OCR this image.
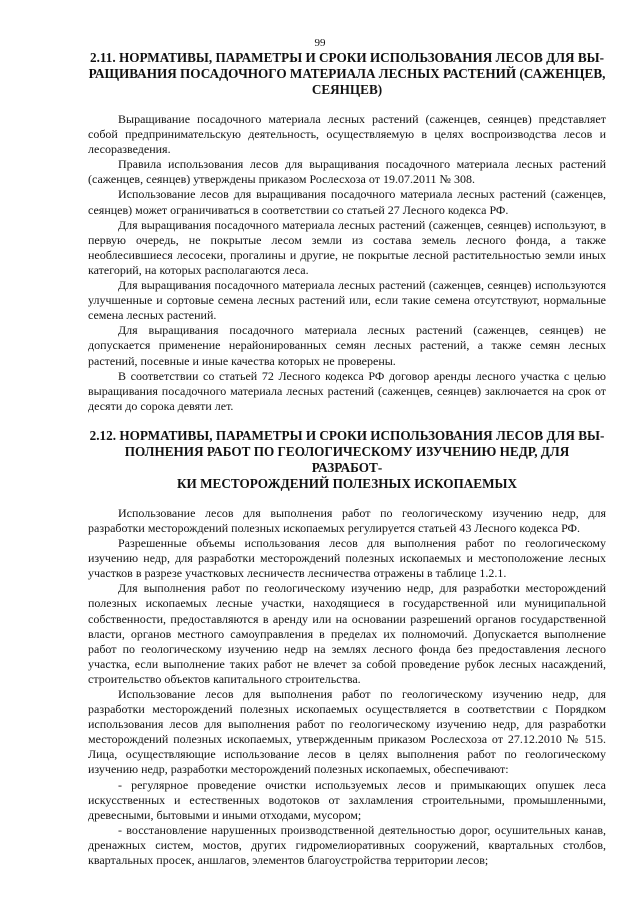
99
2.11. НОРМАТИВЫ, ПАРАМЕТРЫ И СРОКИ ИСПОЛЬЗОВАНИЯ ЛЕСОВ ДЛЯ ВЫ-
РАЩИВАНИЯ ПОСАДОЧНОГО МАТЕРИАЛА ЛЕСНЫХ РАСТЕНИЙ (САЖЕНЦЕВ,
СЕЯНЦЕВ)

Выращивание посадочного материала лесных растений (саженцев, сеянцев) представляет собой предпринимательскую деятельность, осуществляемую в целях воспроизводства лесов и лесоразведения.

Правила использования лесов для выращивания посадочного материала лесных растений (саженцев, сеянцев) утверждены приказом Рослесхоза от 19.07.2011 № 308.

Использование лесов для выращивания посадочного материала лесных растений (саженцев, сеянцев) может ограничиваться в соответствии со статьей 27 Лесного кодекса РФ.

Для выращивания посадочного материала лесных растений (саженцев, сеянцев) используют, в первую очередь, не покрытые лесом земли из состава земель лесного фонда, а также необлесившиеся лесосеки, прогалины и другие, не покрытые лесной растительностью земли иных категорий, на которых располагаются леса.

Для выращивания посадочного материала лесных растений (саженцев, сеянцев) используются улучшенные и сортовые семена лесных растений или, если такие семена отсутствуют, нормальные семена лесных растений.

Для выращивания посадочного материала лесных растений (саженцев, сеянцев) не допускается применение нерайонированных семян лесных растений, а также семян лесных растений, посевные и иные качества которых не проверены.

В соответствии со статьей 72 Лесного кодекса РФ договор аренды лесного участка с целью выращивания посадочного материала лесных растений (саженцев, сеянцев) заключается на срок от десяти до сорока девяти лет.

2.12. НОРМАТИВЫ, ПАРАМЕТРЫ И СРОКИ ИСПОЛЬЗОВАНИЯ ЛЕСОВ ДЛЯ ВЫ-
ПОЛНЕНИЯ РАБОТ ПО ГЕОЛОГИЧЕСКОМУ ИЗУЧЕНИЮ НЕДР, ДЛЯ РАЗРАБОТ-
КИ МЕСТОРОЖДЕНИЙ ПОЛЕЗНЫХ ИСКОПАЕМЫХ

Использование лесов для выполнения работ по геологическому изучению недр, для разработки месторождений полезных ископаемых регулируется статьей 43 Лесного кодекса РФ.

Разрешенные объемы использования лесов для выполнения работ по геологическому изучению недр, для разработки месторождений полезных ископаемых и местоположение лесных участков в разрезе участковых лесничеств лесничества отражены в таблице 1.2.1.

Для выполнения работ по геологическому изучению недр, для разработки месторождений полезных ископаемых лесные участки, находящиеся в государственной или муниципальной собственности, предоставляются в аренду или на основании разрешений органов государственной власти, органов местного самоуправления в пределах их полномочий. Допускается выполнение работ по геологическому изучению недр на землях лесного фонда без предоставления лесного участка, если выполнение таких работ не влечет за собой проведение рубок лесных насаждений, строительство объектов капитального строительства.

Использование лесов для выполнения работ по геологическому изучению недр, для разработки месторождений полезных ископаемых осуществляется в соответствии с Порядком использования лесов для выполнения работ по геологическому изучению недр, для разработки месторождений полезных ископаемых, утвержденным приказом Рослесхоза от 27.12.2010 № 515. Лица, осуществляющие использование лесов в целях выполнения работ по геологическому изучению недр, разработки месторождений полезных ископаемых, обеспечивают:

- регулярное проведение очистки используемых лесов и примыкающих опушек леса искусственных и естественных водотоков от захламления строительными, промышленными, древесными, бытовыми и иными отходами, мусором;

- восстановление нарушенных производственной деятельностью дорог, осушительных канав, дренажных систем, мостов, других гидромелиоративных сооружений, квартальных столбов, квартальных просек, аншлагов, элементов благоустройства территории лесов;
